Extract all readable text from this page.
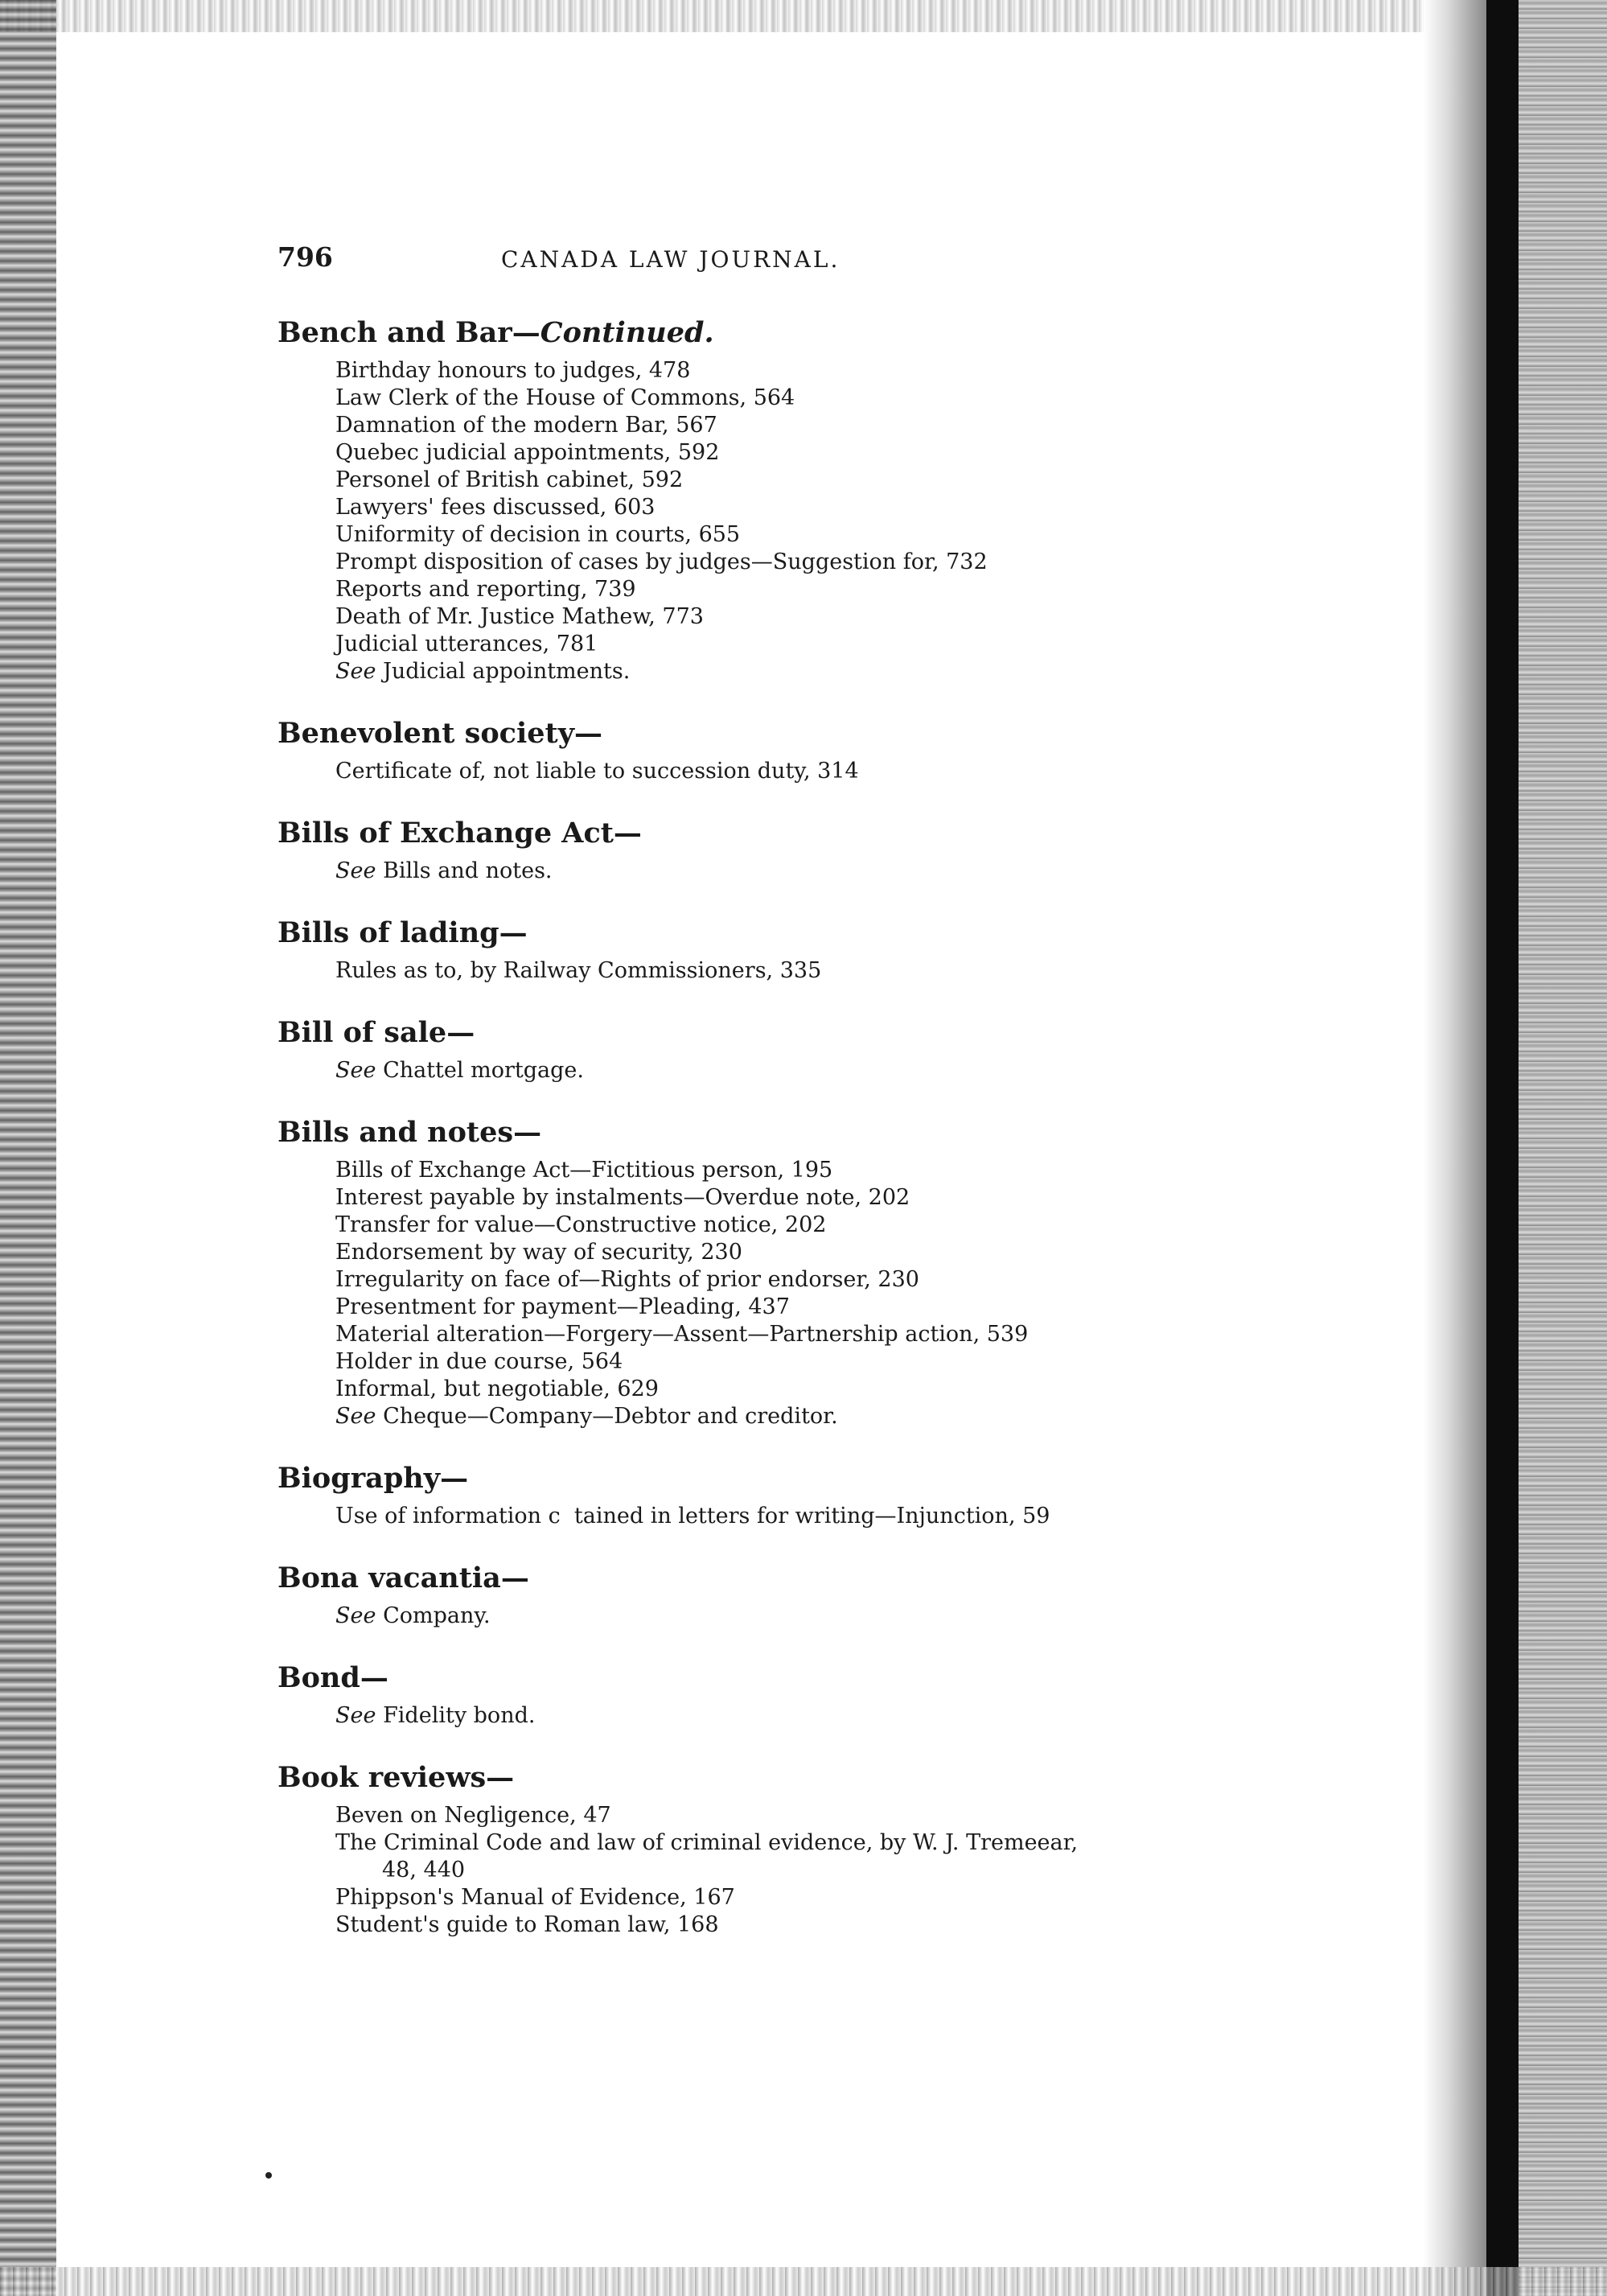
796	CANADA LAW JOURNAL.
Bench and Bar—Continued.
Birthday honours to judges, 478
Law Clerk of the House of Commons, 564
Damnation of the modern Bar, 567
Quebec judicial appointments, 592
Personel of British cabinet, 592
Lawyers' fees discussed, 603
Uniformity of decision in courts, 655
Prompt disposition of cases by judges—Suggestion for, 732
Reports and reporting, 739
Death of Mr. Justice Mathew, 773
Judicial utterances, 781
See Judicial appointments.
Benevolent society—
Certificate of, not liable to succession duty, 314
Bills of Exchange Act—
See Bills and notes.
Bills of lading—
Rules as to, by Railway Commissioners, 335
Bill of sale—
See Chattel mortgage.
Bills and notes—
Bills of Exchange Act—Fictitious person, 195
Interest payable by instalments—Overdue note, 202
Transfer for value—Constructive notice, 202
Endorsement by way of security, 230
Irregularity on face of—Rights of prior endorser, 230
Presentment for payment—Pleading, 437
Material alteration—Forgery—Assent—Partnership action, 539
Holder in due course, 564
Informal, but negotiable, 629
See Cheque—Company—Debtor and creditor.
Biography—
Use of information c  tained in letters for writing—Injunction, 59
Bona vacantia—
See Company.
Bond—
See Fidelity bond.
Book reviews—
Beven on Negligence, 47
The Criminal Code and law of criminal evidence, by W. J. Tremeear,
48, 440
Phippson's Manual of Evidence, 167
Student's guide to Roman law, 168
